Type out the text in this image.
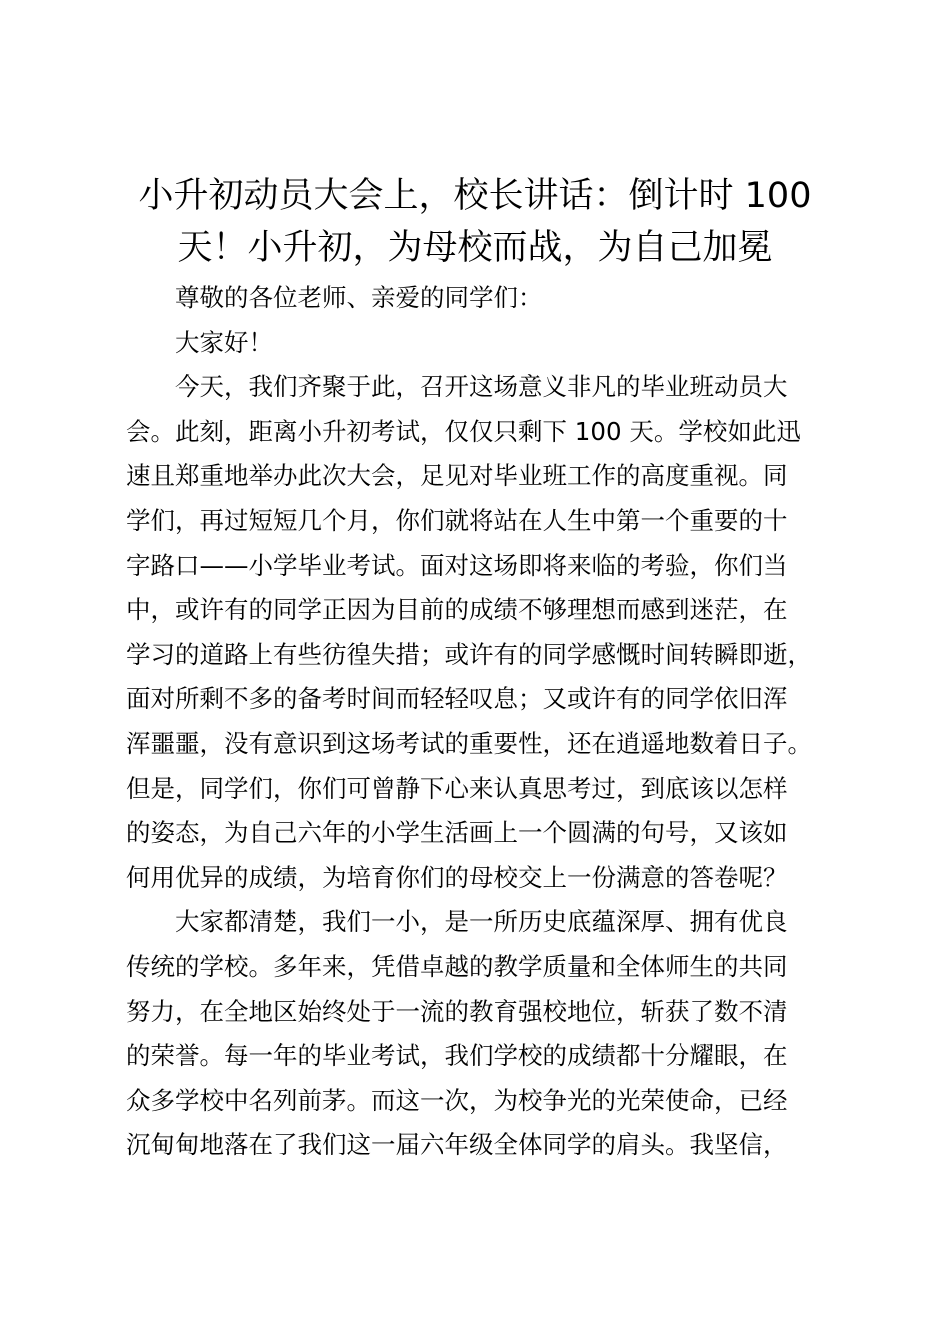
小升初动员大会上，校长讲话：倒计时 100
天！小升初，为母校而战，为自己加冕

尊敬的各位老师、亲爱的同学们：

大家好！

今天，我们齐聚于此，召开这场意义非凡的毕业班动员大
会。此刻，距离小升初考试，仅仅只剩下 100 天。学校如此迅
速且郑重地举办此次大会，足见对毕业班工作的高度重视。同
学们，再过短短几个月，你们就将站在人生中第一个重要的十
字路口——小学毕业考试。面对这场即将来临的考验，你们当
中，或许有的同学正因为目前的成绩不够理想而感到迷茫，在
学习的道路上有些彷徨失措；或许有的同学感慨时间转瞬即逝，
面对所剩不多的备考时间而轻轻叹息；又或许有的同学依旧浑
浑噩噩，没有意识到这场考试的重要性，还在逍遥地数着日子。
但是，同学们，你们可曾静下心来认真思考过，到底该以怎样
的姿态，为自己六年的小学生活画上一个圆满的句号，又该如
何用优异的成绩，为培育你们的母校交上一份满意的答卷呢？

大家都清楚，我们一小，是一所历史底蕴深厚、拥有优良
传统的学校。多年来，凭借卓越的教学质量和全体师生的共同
努力，在全地区始终处于一流的教育强校地位，斩获了数不清
的荣誉。每一年的毕业考试，我们学校的成绩都十分耀眼，在
众多学校中名列前茅。而这一次，为校争光的光荣使命，已经
沉甸甸地落在了我们这一届六年级全体同学的肩头。我坚信，
